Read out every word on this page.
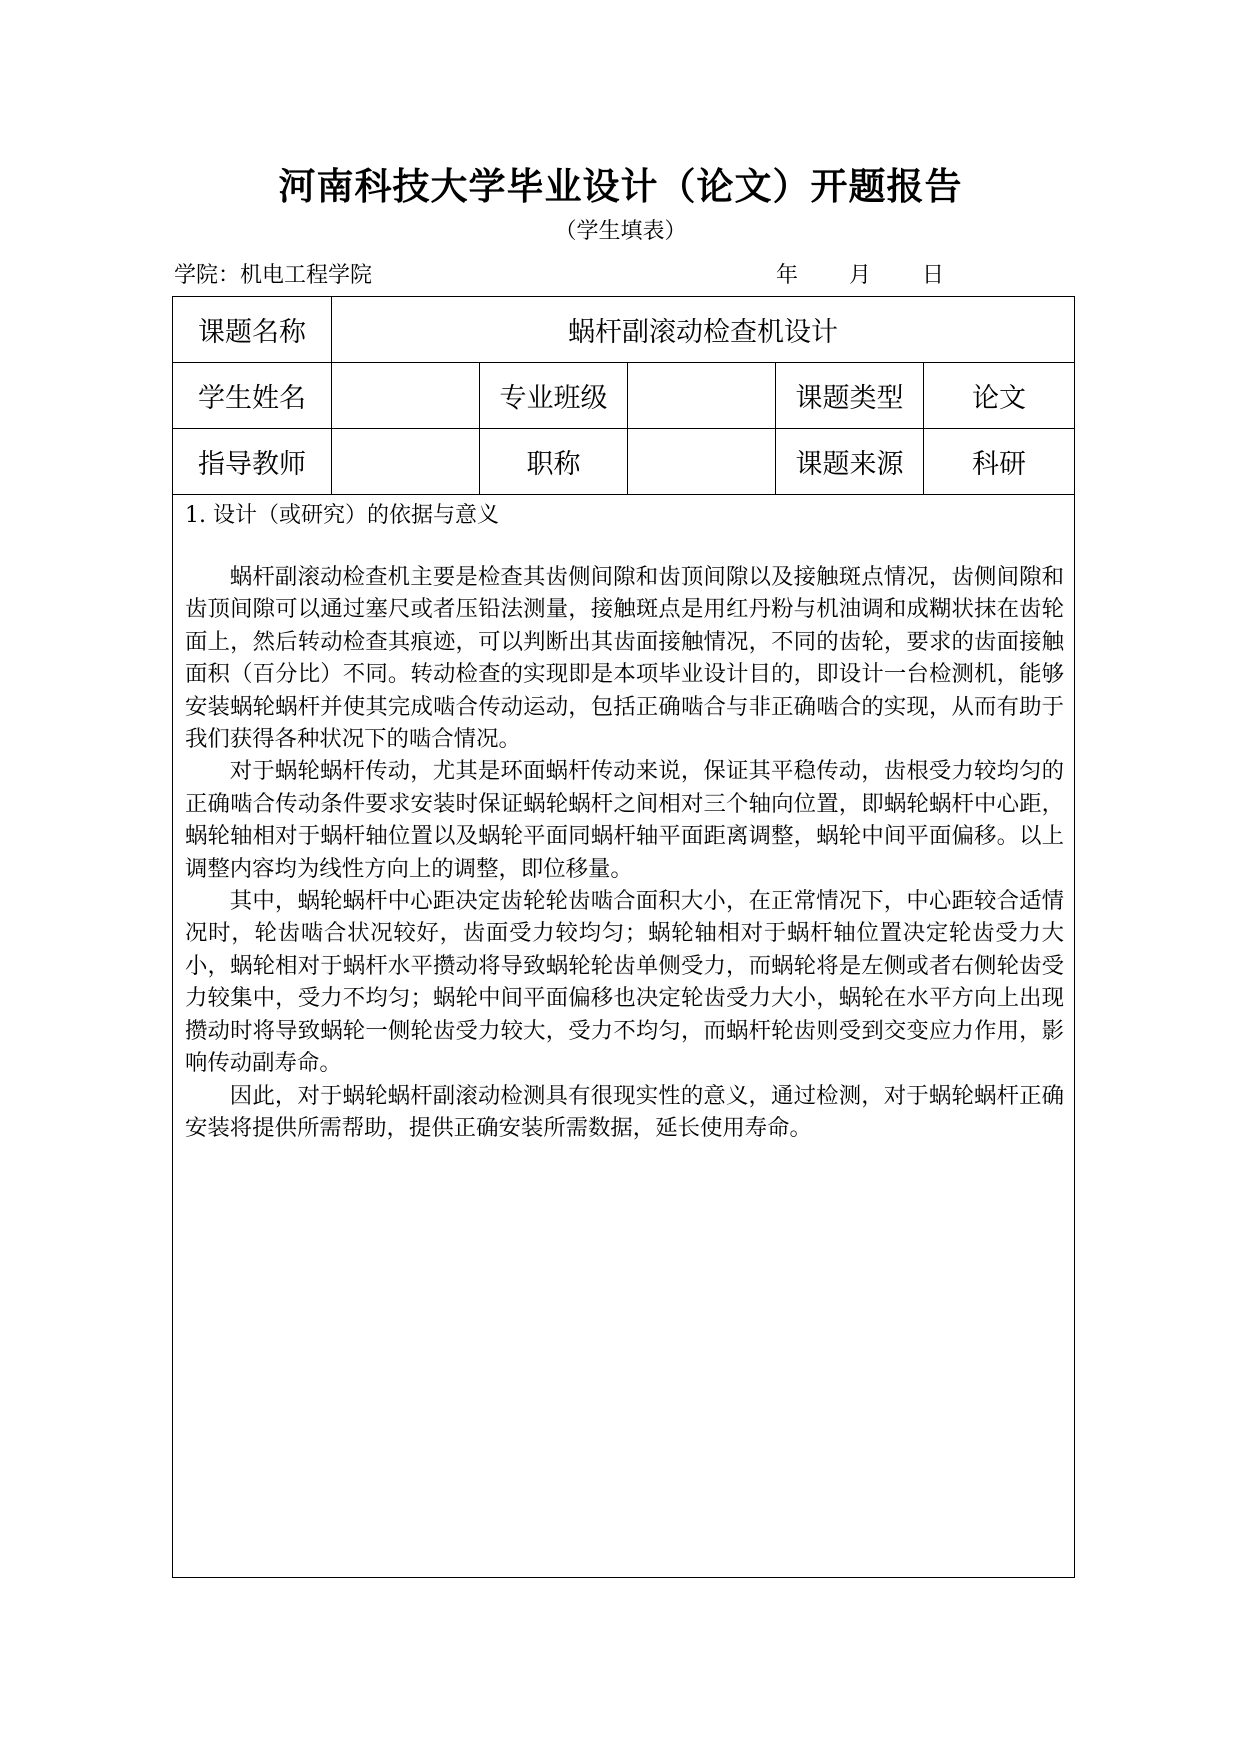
河南科技大学毕业设计（论文）开题报告
（学生填表）
学院：机电工程学院	年 月 日
课题名称	蜗杆副滚动检查机设计				
学生姓名		专业班级		课题类型	论文
指导教师		职称		课题来源	科研

1. 设计（或研究）的依据与意义

蜗杆副滚动检查机主要是检查其齿侧间隙和齿顶间隙以及接触斑点情况，齿侧间隙和齿顶间隙可以通过塞尺或者压铅法测量，接触斑点是用红丹粉与机油调和成糊状抹在齿轮面上，然后转动检查其痕迹，可以判断出其齿面接触情况，不同的齿轮，要求的齿面接触面积（百分比）不同。转动检查的实现即是本项毕业设计目的，即设计一台检测机，能够安装蜗轮蜗杆并使其完成啮合传动运动，包括正确啮合与非正确啮合的实现，从而有助于我们获得各种状况下的啮合情况。

对于蜗轮蜗杆传动，尤其是环面蜗杆传动来说，保证其平稳传动，齿根受力较均匀的正确啮合传动条件要求安装时保证蜗轮蜗杆之间相对三个轴向位置，即蜗轮蜗杆中心距，蜗轮轴相对于蜗杆轴位置以及蜗轮平面同蜗杆轴平面距离调整，蜗轮中间平面偏移。以上调整内容均为线性方向上的调整，即位移量。

其中，蜗轮蜗杆中心距决定齿轮轮齿啮合面积大小，在正常情况下，中心距较合适情况时，轮齿啮合状况较好，齿面受力较均匀；蜗轮轴相对于蜗杆轴位置决定轮齿受力大小，蜗轮相对于蜗杆水平攒动将导致蜗轮轮齿单侧受力，而蜗轮将是左侧或者右侧轮齿受力较集中，受力不均匀；蜗轮中间平面偏移也决定轮齿受力大小，蜗轮在水平方向上出现攒动时将导致蜗轮一侧轮齿受力较大，受力不均匀，而蜗杆轮齿则受到交变应力作用，影响传动副寿命。

因此，对于蜗轮蜗杆副滚动检测具有很现实性的意义，通过检测，对于蜗轮蜗杆正确安装将提供所需帮助，提供正确安装所需数据，延长使用寿命。					
